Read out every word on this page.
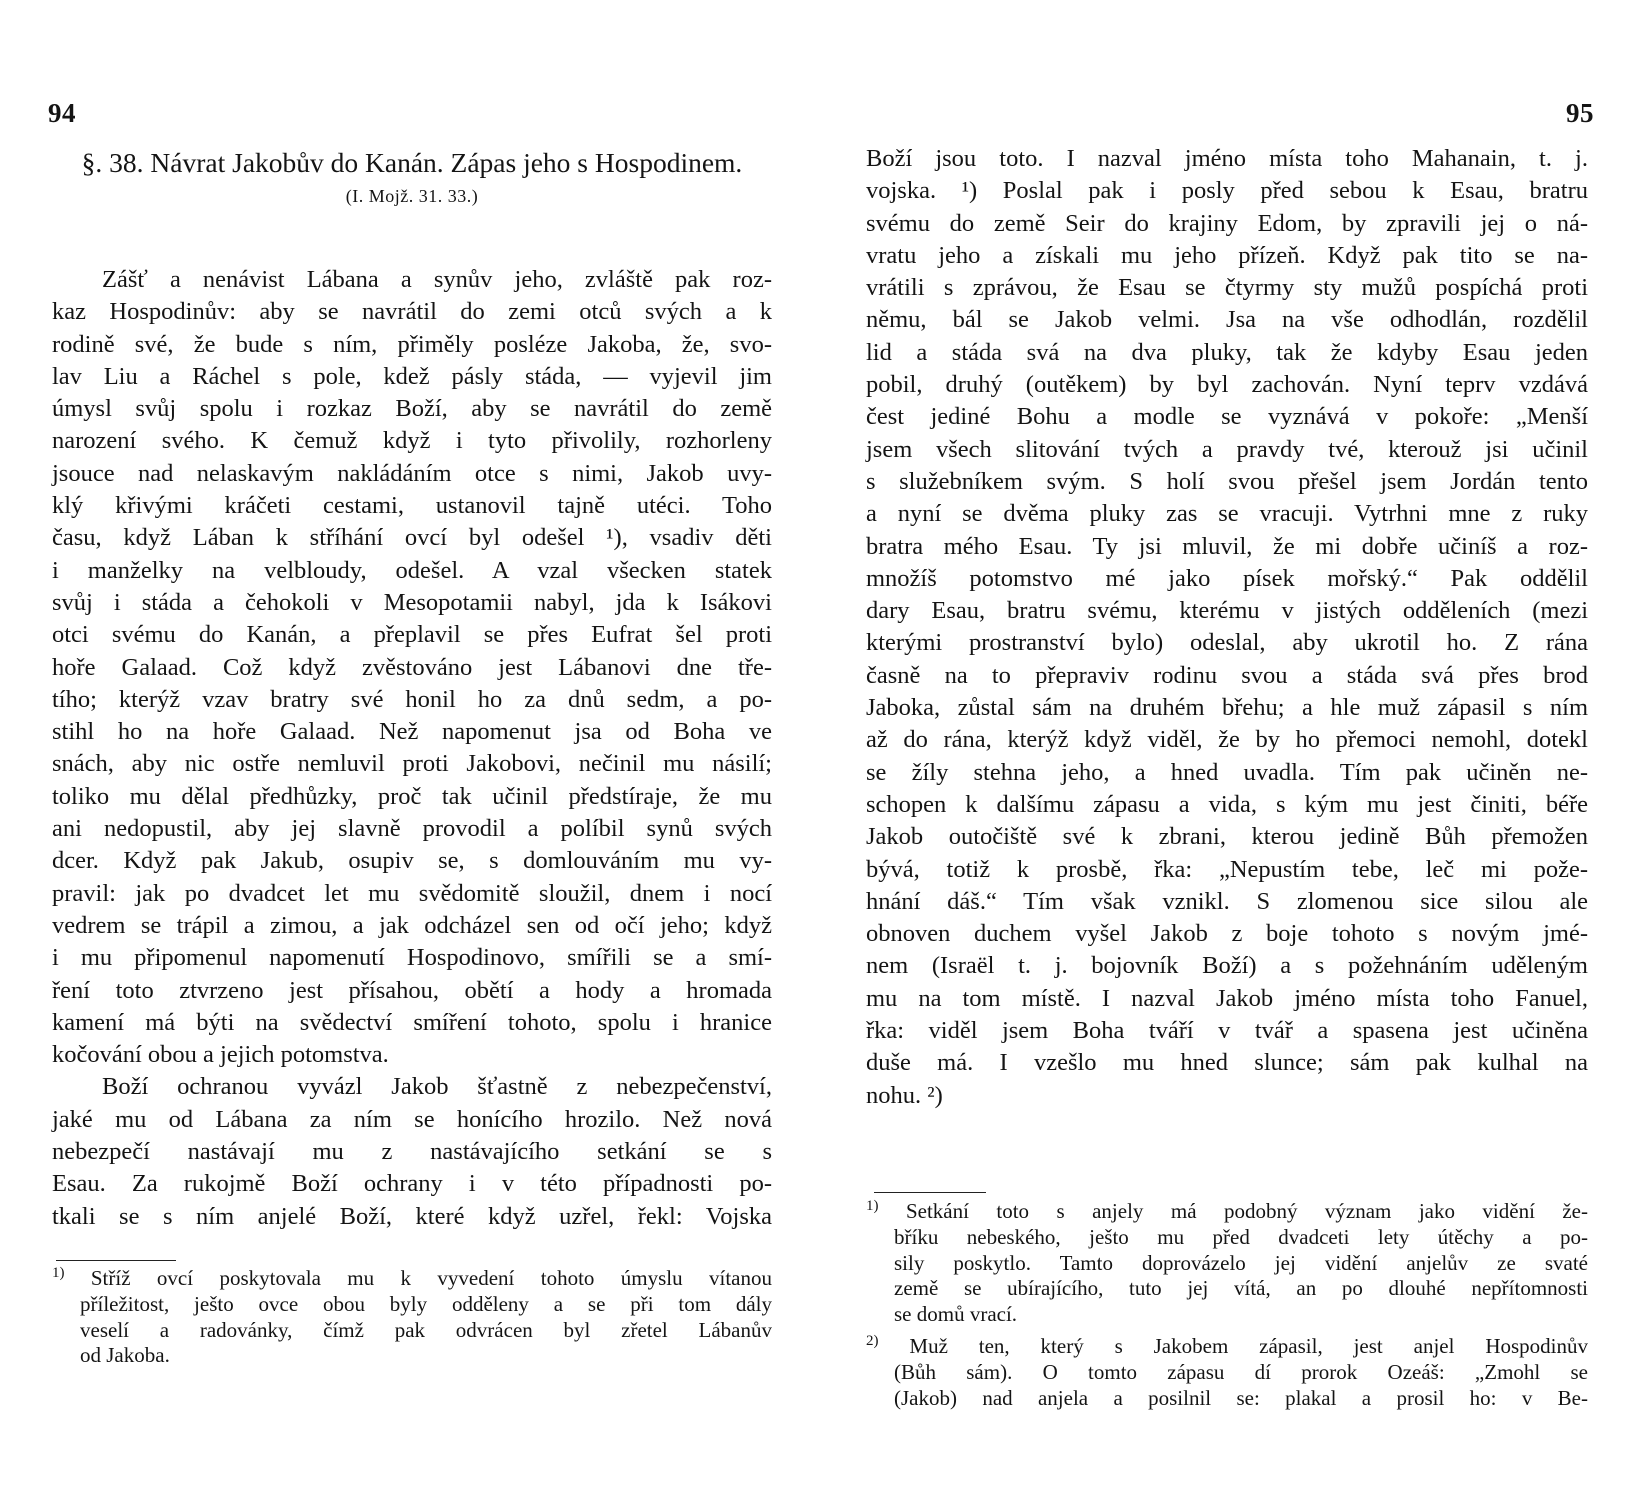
94
§. 38. Návrat Jakobův do Kanán. Zápas jeho s Hospodinem.
(I. Mojž. 31. 33.)
Zášť a nenávist Lábana a synův jeho, zvláště pak roz-
kaz Hospodinův: aby se navrátil do zemi otců svých a k
rodině své, že bude s ním, přiměly posléze Jakoba, že, svo-
lav Liu a Ráchel s pole, kdež pásly stáda, — vyjevil jim
úmysl svůj spolu i rozkaz Boží, aby se navrátil do země
narození svého. K čemuž když i tyto přivolily, rozhorleny
jsouce nad nelaskavým nakládáním otce s nimi, Jakob uvy-
klý křivými kráčeti cestami, ustanovil tajně utéci. Toho
času, když Lában k stříhání ovcí byl odešel ¹), vsadiv děti
i manželky na velbloudy, odešel. A vzal všecken statek
svůj i stáda a čehokoli v Mesopotamii nabyl, jda k Isákovi
otci svému do Kanán, a přeplavil se přes Eufrat šel proti
hoře Galaad. Což když zvěstováno jest Lábanovi dne tře-
tího; kterýž vzav bratry své honil ho za dnů sedm, a po-
stihl ho na hoře Galaad. Než napomenut jsa od Boha ve
snách, aby nic ostře nemluvil proti Jakobovi, nečinil mu násilí;
toliko mu dělal předhůzky, proč tak učinil předstíraje, že mu
ani nedopustil, aby jej slavně provodil a políbil synů svých
dcer. Když pak Jakub, osupiv se, s domlouváním mu vy-
pravil: jak po dvadcet let mu svědomitě sloužil, dnem i nocí
vedrem se trápil a zimou, a jak odcházel sen od očí jeho; když
i mu připomenul napomenutí Hospodinovo, smířili se a smí-
ření toto ztvrzeno jest přísahou, obětí a hody a hromada
kamení má býti na svědectví smíření tohoto, spolu i hranice
kočování obou a jejich potomstva.
Boží ochranou vyvázl Jakob šťastně z nebezpečenství,
jaké mu od Lábana za ním se honícího hrozilo. Než nová
nebezpečí nastávají mu z nastávajícího setkání se s
Esau. Za rukojmě Boží ochrany i v této případnosti po-
tkali se s ním anjelé Boží, které když uzřel, řekl: Vojska
$^{1)}$ Stříž ovcí poskytovala mu k vyvedení tohoto úmyslu vítanou
příležitost, ješto ovce obou byly odděleny a se při tom dály
veselí a radovánky, čímž pak odvrácen byl zřetel Lábanův
od Jakoba.
95
Boží jsou toto. I nazval jméno místa toho Mahanain, t. j.
vojska. ¹) Poslal pak i posly před sebou k Esau, bratru
svému do země Seir do krajiny Edom, by zpravili jej o ná-
vratu jeho a získali mu jeho přízeň. Když pak tito se na-
vrátili s zprávou, že Esau se čtyrmy sty mužů pospíchá proti
němu, bál se Jakob velmi. Jsa na vše odhodlán, rozdělil
lid a stáda svá na dva pluky, tak že kdyby Esau jeden
pobil, druhý (outěkem) by byl zachován. Nyní teprv vzdává
čest jediné Bohu a modle se vyznává v pokoře: „Menší
jsem všech slitování tvých a pravdy tvé, kterouž jsi učinil
s služebníkem svým. S holí svou přešel jsem Jordán tento
a nyní se dvěma pluky zas se vracuji. Vytrhni mne z ruky
bratra mého Esau. Ty jsi mluvil, že mi dobře učiníš a roz-
množíš potomstvo mé jako písek mořský.“ Pak oddělil
dary Esau, bratru svému, kterému v jistých odděleních (mezi
kterými prostranství bylo) odeslal, aby ukrotil ho. Z rána
časně na to přepraviv rodinu svou a stáda svá přes brod
Jaboka, zůstal sám na druhém břehu; a hle muž zápasil s ním
až do rána, kterýž když viděl, že by ho přemoci nemohl, dotekl
se žíly stehna jeho, a hned uvadla. Tím pak učiněn ne-
schopen k dalšímu zápasu a vida, s kým mu jest činiti, béře
Jakob outočiště své k zbrani, kterou jedině Bůh přemožen
bývá, totiž k prosbě, řka: „Nepustím tebe, leč mi požе-
hnání dáš.“ Tím však vznikl. S zlomenou sice silou ale
obnoven duchem vyšel Jakob z boje tohoto s novým jmé-
nem (Israël t. j. bojovník Boží) a s požehnáním uděleným
mu na tom místě. I nazval Jakob jméno místa toho Fanuel,
řka: viděl jsem Boha tváří v tvář a spasena jest učiněna
duše má. I vzešlo mu hned slunce; sám pak kulhal na
nohu. ²)
$^{1)}$ Setkání toto s anjely má podobný význam jako vidění že-
bříku nebeského, ješto mu před dvadceti lety útěchy a po-
sily poskytlo. Tamto doprovázelo jej vidění anjelův ze svaté
země se ubírajícího, tuto jej vítá, an po dlouhé nepřítomnosti
se domů vrací.
$^{2)}$ Muž ten, který s Jakobem zápasil, jest anjel Hospodinův
(Bůh sám). O tomto zápasu dí prorok Ozeáš: „Zmohl se
(Jakob) nad anjela a posilnil se: plakal a prosil ho: v Be-
